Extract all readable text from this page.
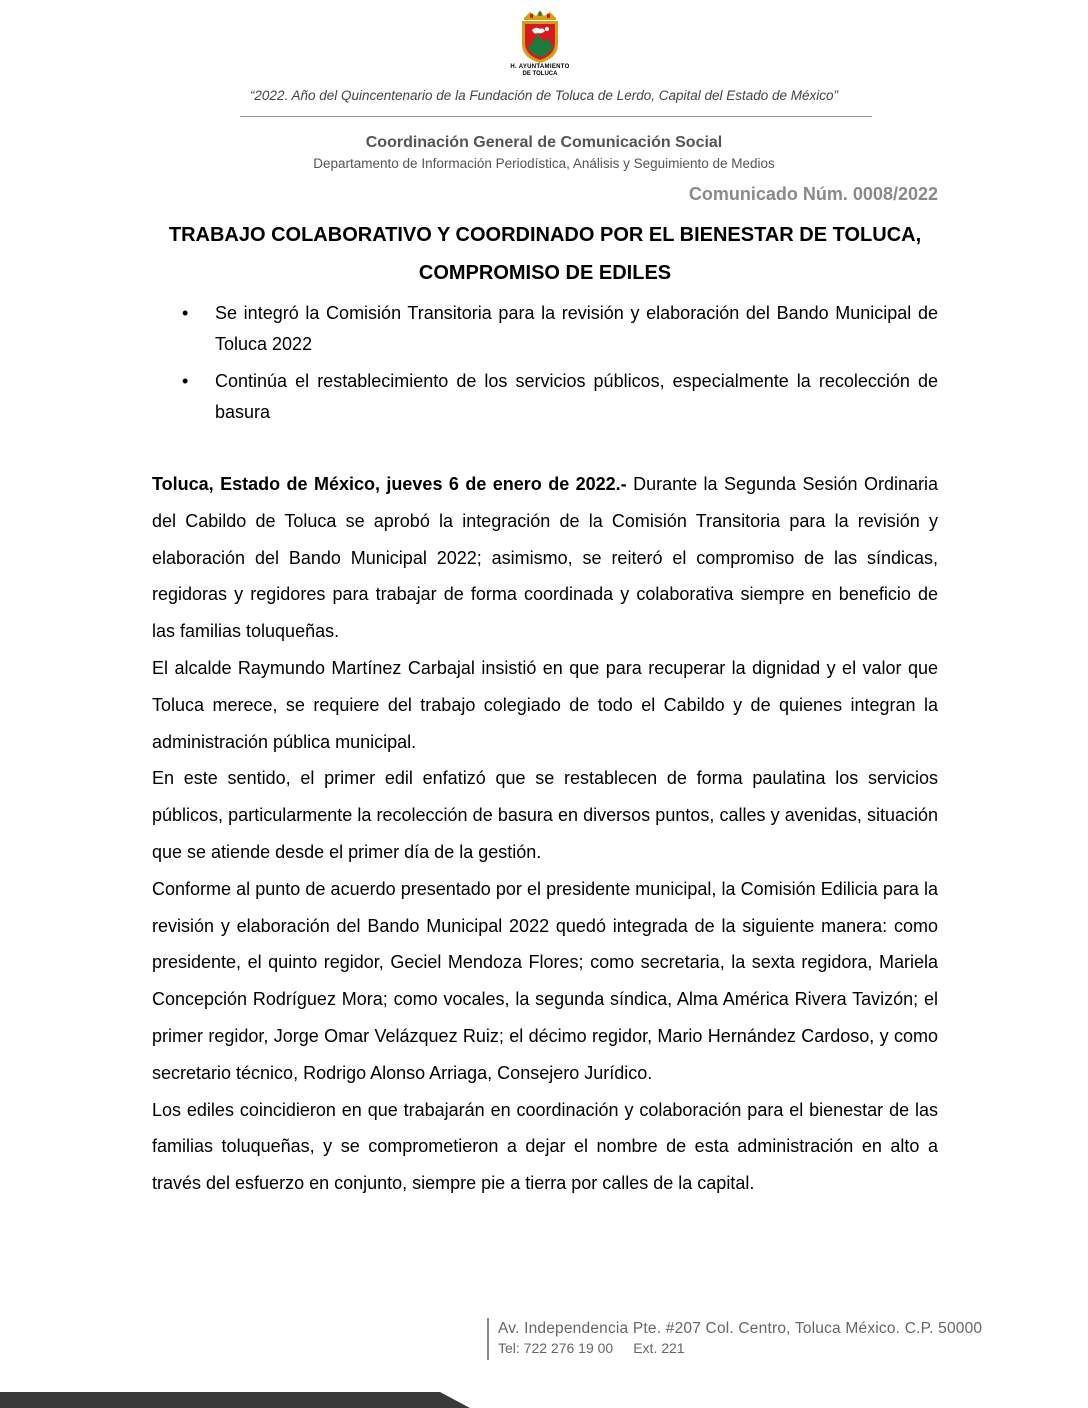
H. AYUNTAMIENTO
DE TOLUCA
“2022. Año del Quincentenario de la Fundación de Toluca de Lerdo, Capital del Estado de México”
Coordinación General de Comunicación Social
Departamento de Información Periodística, Análisis y Seguimiento de Medios
Comunicado Núm. 0008/2022
TRABAJO COLABORATIVO Y COORDINADO POR EL BIENESTAR DE TOLUCA, COMPROMISO DE EDILES
• Se integró la Comisión Transitoria para la revisión y elaboración del Bando Municipal de Toluca 2022
• Continúa el restablecimiento de los servicios públicos, especialmente la recolección de basura

Toluca, Estado de México, jueves 6 de enero de 2022.- Durante la Segunda Sesión Ordinaria del Cabildo de Toluca se aprobó la integración de la Comisión Transitoria para la revisión y elaboración del Bando Municipal 2022; asimismo, se reiteró el compromiso de las síndicas, regidoras y regidores para trabajar de forma coordinada y colaborativa siempre en beneficio de las familias toluqueñas.

El alcalde Raymundo Martínez Carbajal insistió en que para recuperar la dignidad y el valor que Toluca merece, se requiere del trabajo colegiado de todo el Cabildo y de quienes integran la administración pública municipal.

En este sentido, el primer edil enfatizó que se restablecen de forma paulatina los servicios públicos, particularmente la recolección de basura en diversos puntos, calles y avenidas, situación que se atiende desde el primer día de la gestión.

Conforme al punto de acuerdo presentado por el presidente municipal, la Comisión Edilicia para la revisión y elaboración del Bando Municipal 2022 quedó integrada de la siguiente manera: como presidente, el quinto regidor, Geciel Mendoza Flores; como secretaria, la sexta regidora, Mariela Concepción Rodríguez Mora; como vocales, la segunda síndica, Alma América Rivera Tavizón; el primer regidor, Jorge Omar Velázquez Ruiz; el décimo regidor, Mario Hernández Cardoso, y como secretario técnico, Rodrigo Alonso Arriaga, Consejero Jurídico.

Los ediles coincidieron en que trabajarán en coordinación y colaboración para el bienestar de las familias toluqueñas, y se comprometieron a dejar el nombre de esta administración en alto a través del esfuerzo en conjunto, siempre pie a tierra por calles de la capital.

Av. Independencia Pte. #207 Col. Centro, Toluca México. C.P. 50000
Tel: 722 276 19 00 Ext. 221
